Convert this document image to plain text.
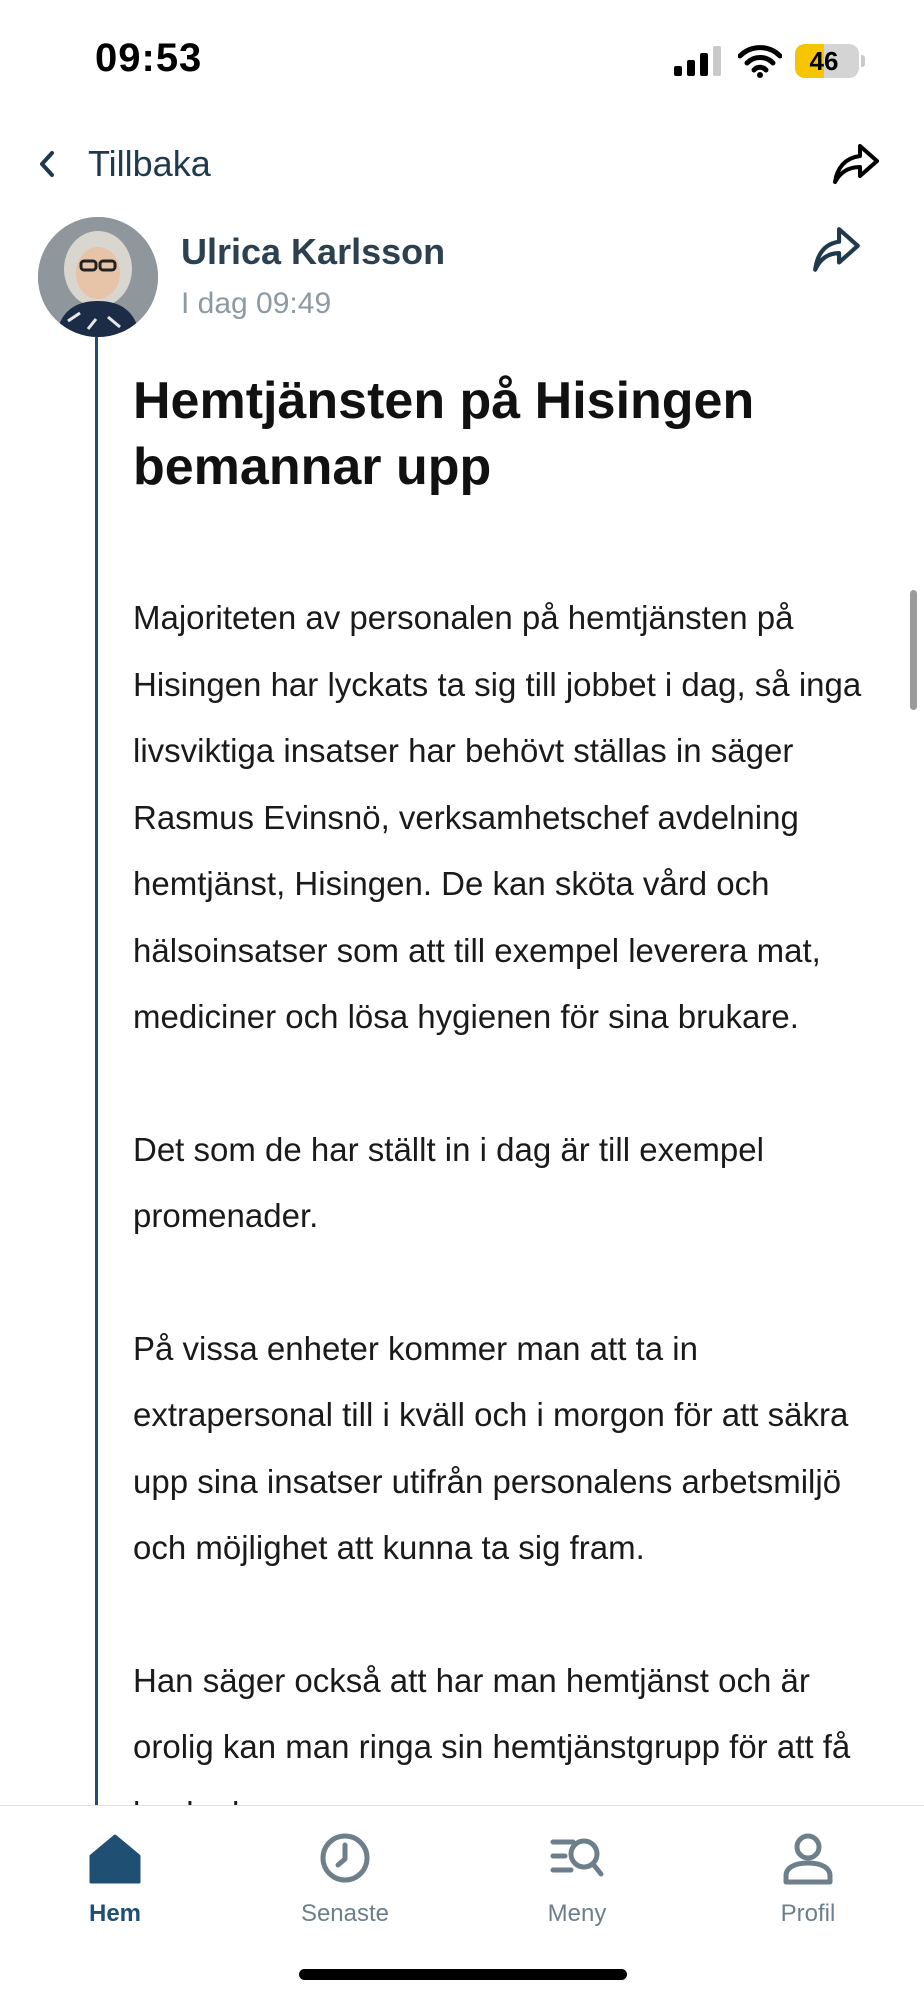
09:53	46
Tillbaka
Ulrica Karlsson
I dag 09:49
Hemtjänsten på Hisingen bemannar upp

Majoriteten av personalen på hemtjänsten på Hisingen har lyckats ta sig till jobbet i dag, så inga livsviktiga insatser har behövt ställas in säger Rasmus Evinsnö, verksamhetschef avdelning hemtjänst, Hisingen. De kan sköta vård och hälsoinsatser som att till exempel leverera mat, mediciner och lösa hygienen för sina brukare.

Det som de har ställt in i dag är till exempel promenader.

På vissa enheter kommer man att ta in extrapersonal till i kväll och i morgon för att säkra upp sina insatser utifrån personalens arbetsmiljö och möjlighet att kunna ta sig fram.

Han säger också att har man hemtjänst och är orolig kan man ringa sin hemtjänstgrupp för att få

Hem	Senaste	Meny	Profil
